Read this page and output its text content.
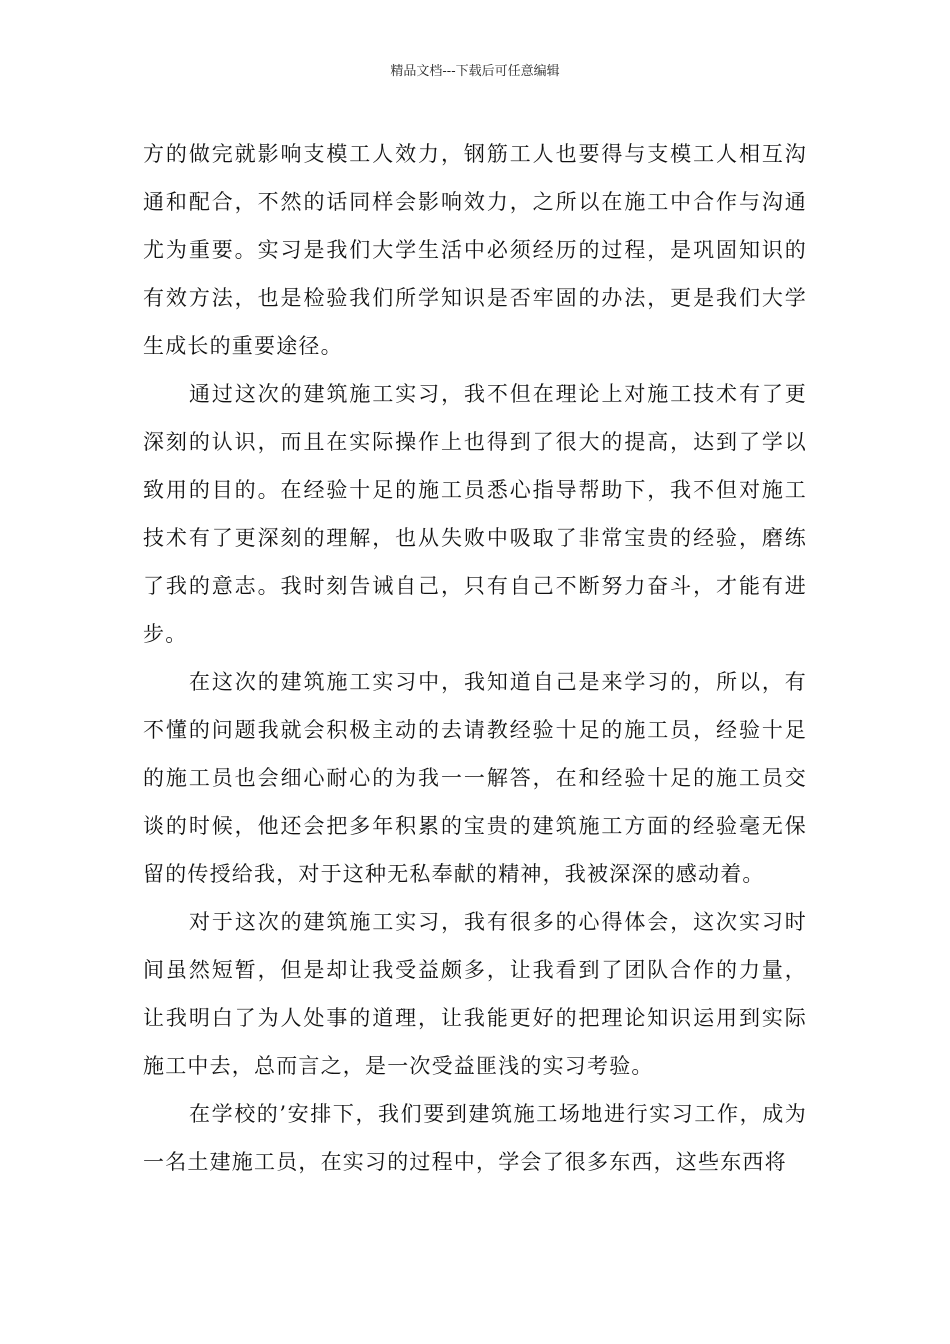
精品文档---下载后可任意编辑

方的做完就影响支模工人效力，钢筋工人也要得与支模工人相互沟通和配合，不然的话同样会影响效力，之所以在施工中合作与沟通尤为重要。实习是我们大学生活中必须经历的过程，是巩固知识的有效方法，也是检验我们所学知识是否牢固的办法，更是我们大学生成长的重要途径。

通过这次的建筑施工实习，我不但在理论上对施工技术有了更深刻的认识，而且在实际操作上也得到了很大的提高，达到了学以致用的目的。在经验十足的施工员悉心指导帮助下，我不但对施工技术有了更深刻的理解，也从失败中吸取了非常宝贵的经验，磨练了我的意志。我时刻告诫自己，只有自己不断努力奋斗，才能有进步。

在这次的建筑施工实习中，我知道自己是来学习的，所以，有不懂的问题我就会积极主动的去请教经验十足的施工员，经验十足的施工员也会细心耐心的为我一一解答，在和经验十足的施工员交谈的时候，他还会把多年积累的宝贵的建筑施工方面的经验毫无保留的传授给我，对于这种无私奉献的精神，我被深深的感动着。

对于这次的建筑施工实习，我有很多的心得体会，这次实习时间虽然短暂，但是却让我受益颇多，让我看到了团队合作的力量，让我明白了为人处事的道理，让我能更好的把理论知识运用到实际施工中去，总而言之，是一次受益匪浅的实习考验。

在学校的’安排下，我们要到建筑施工场地进行实习工作，成为一名土建施工员，在实习的过程中，学会了很多东西，这些东西将
